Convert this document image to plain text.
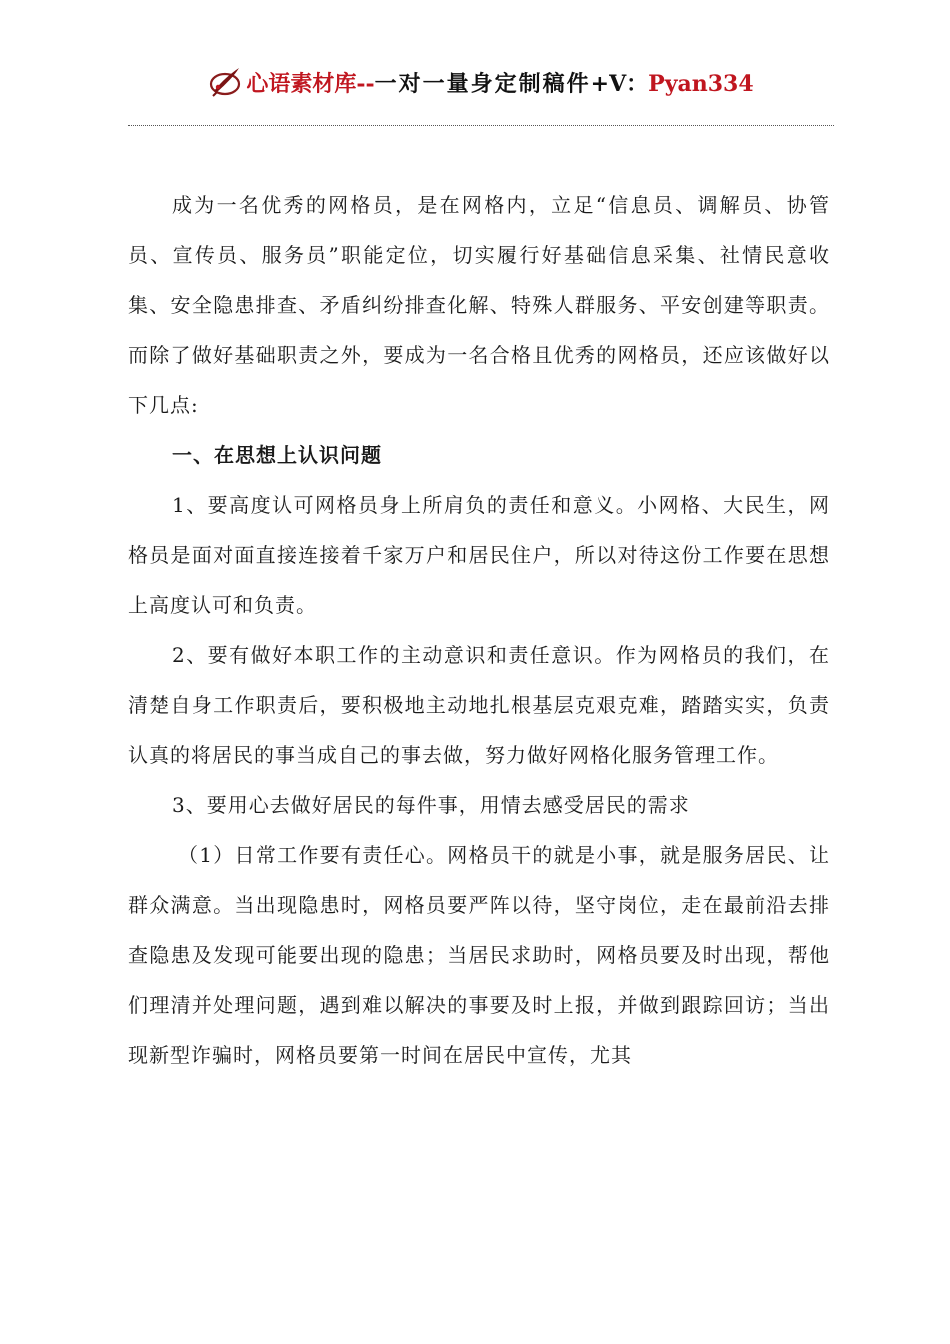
心语素材库--一对一量身定制稿件+V：Pyan334

成为一名优秀的网格员，是在网格内，立足“信息员、调解员、协管员、宣传员、服务员”职能定位，切实履行好基础信息采集、社情民意收集、安全隐患排查、矛盾纠纷排查化解、特殊人群服务、平安创建等职责。而除了做好基础职责之外，要成为一名合格且优秀的网格员，还应该做好以下几点:

一、在思想上认识问题

1、要高度认可网格员身上所肩负的责任和意义。小网格、大民生，网格员是面对面直接连接着千家万户和居民住户，所以对待这份工作要在思想上高度认可和负责。

2、要有做好本职工作的主动意识和责任意识。作为网格员的我们，在清楚自身工作职责后，要积极地主动地扎根基层克艰克难，踏踏实实，负责认真的将居民的事当成自己的事去做，努力做好网格化服务管理工作。

3、要用心去做好居民的每件事，用情去感受居民的需求

（1）日常工作要有责任心。网格员干的就是小事，就是服务居民、让群众满意。当出现隐患时，网格员要严阵以待，坚守岗位，走在最前沿去排查隐患及发现可能要出现的隐患；当居民求助时，网格员要及时出现，帮他们理清并处理问题，遇到难以解决的事要及时上报，并做到跟踪回访；当出现新型诈骗时，网格员要第一时间在居民中宣传，尤其
